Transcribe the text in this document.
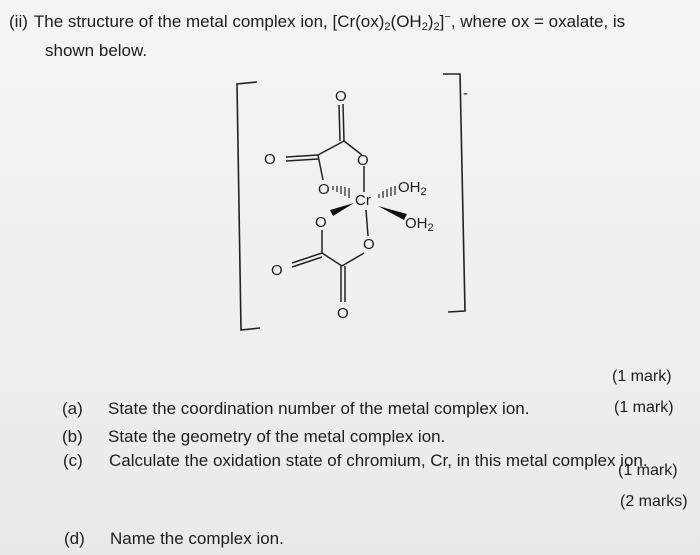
(ii) The structure of the metal complex ion, $[Cr(ox)_2(OH_2)_2]^-$, where ox = oxalate, is
shown below.
-
O
O	O
Cr
O	$OH_2$
O	$OH_2$
O
O
O
(a) State the coordination number of the metal complex ion.
(1 mark)
(b) State the geometry of the metal complex ion.
(1 mark)
(c) Calculate the oxidation state of chromium, Cr, in this metal complex ion.
(1 mark)
(2 marks)
(d) Name the complex ion.
